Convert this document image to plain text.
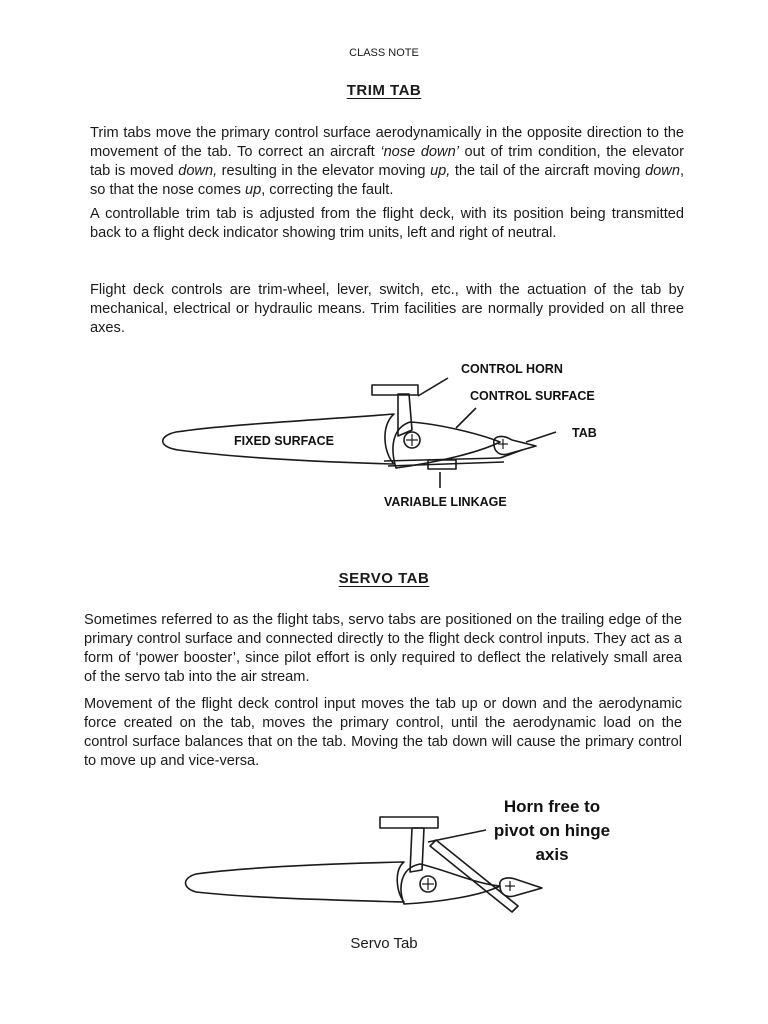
CLASS NOTE
TRIM TAB

Trim tabs move the primary control surface aerodynamically in the opposite direction to the movement of the tab. To correct an aircraft ‘nose down’ out of trim condition, the elevator tab is moved down, resulting in the elevator moving up, the tail of the aircraft moving down, so that the nose comes up, correcting the fault.

A controllable trim tab is adjusted from the flight deck, with its position being transmitted back to a flight deck indicator showing trim units, left and right of neutral.

Flight deck controls are trim-wheel, lever, switch, etc., with the actuation of the tab by mechanical, electrical or hydraulic means. Trim facilities are normally provided on all three axes.

CONTROL HORN
CONTROL SURFACE
FIXED SURFACE
TAB
VARIABLE LINKAGE
SERVO TAB

Sometimes referred to as the flight tabs, servo tabs are positioned on the trailing edge of the primary control surface and connected directly to the flight deck control inputs. They act as a form of ‘power booster’, since pilot effort is only required to deflect the relatively small area of the servo tab into the air stream.

Movement of the flight deck control input moves the tab up or down and the aerodynamic force created on the tab, moves the primary control, until the aerodynamic load on the control surface balances that on the tab. Moving the tab down will cause the primary control to move up and vice-versa.

Horn free to
pivot on hinge
axis
Servo Tab
